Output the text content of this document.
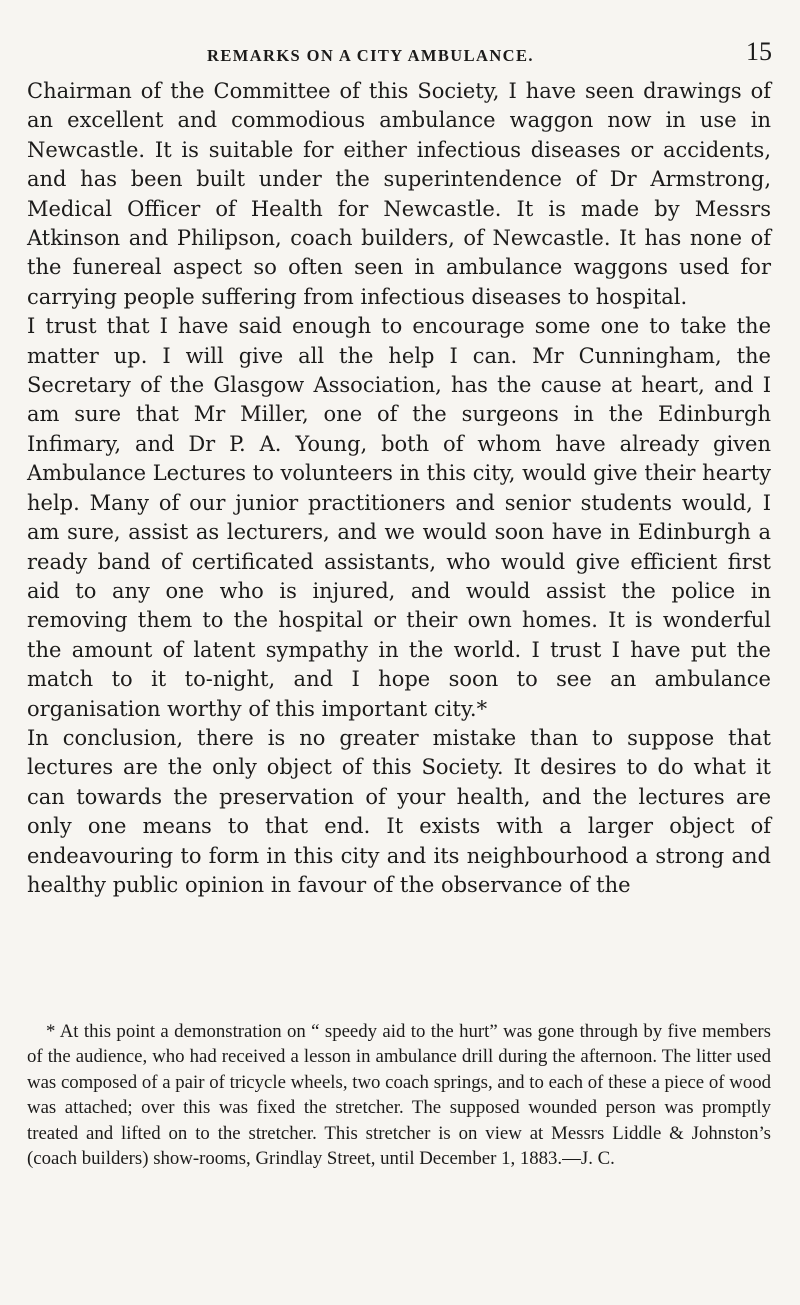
REMARKS ON A CITY AMBULANCE.	15

Chairman of the Committee of this Society, I have seen drawings of an excellent and commodious ambulance waggon now in use in Newcastle. It is suitable for either infectious diseases or accidents, and has been built under the superintendence of Dr Armstrong, Medical Officer of Health for Newcastle. It is made by Messrs Atkinson and Philipson, coach builders, of Newcastle. It has none of the funereal aspect so often seen in ambulance waggons used for carrying people suffering from infectious diseases to hospital.

I trust that I have said enough to encourage some one to take the matter up. I will give all the help I can. Mr Cunningham, the Secretary of the Glasgow Association, has the cause at heart, and I am sure that Mr Miller, one of the surgeons in the Edinburgh Infimary, and Dr P. A. Young, both of whom have already given Ambulance Lectures to volunteers in this city, would give their hearty help. Many of our junior practitioners and senior students would, I am sure, assist as lecturers, and we would soon have in Edinburgh a ready band of certificated assistants, who would give efficient first aid to any one who is injured, and would assist the police in removing them to the hospital or their own homes. It is wonderful the amount of latent sympathy in the world. I trust I have put the match to it to-night, and I hope soon to see an ambulance organisation worthy of this important city.*

In conclusion, there is no greater mistake than to suppose that lectures are the only object of this Society. It desires to do what it can towards the preservation of your health, and the lectures are only one means to that end. It exists with a larger object of endeavouring to form in this city and its neighbourhood a strong and healthy public opinion in favour of the observance of the

* At this point a demonstration on “ speedy aid to the hurt” was gone through by five members of the audience, who had received a lesson in ambulance drill during the afternoon. The litter used was composed of a pair of tricycle wheels, two coach springs, and to each of these a piece of wood was attached; over this was fixed the stretcher. The supposed wounded person was promptly treated and lifted on to the stretcher. This stretcher is on view at Messrs Liddle & Johnston’s (coach builders) show-rooms, Grindlay Street, until December 1, 1883.—J. C.
